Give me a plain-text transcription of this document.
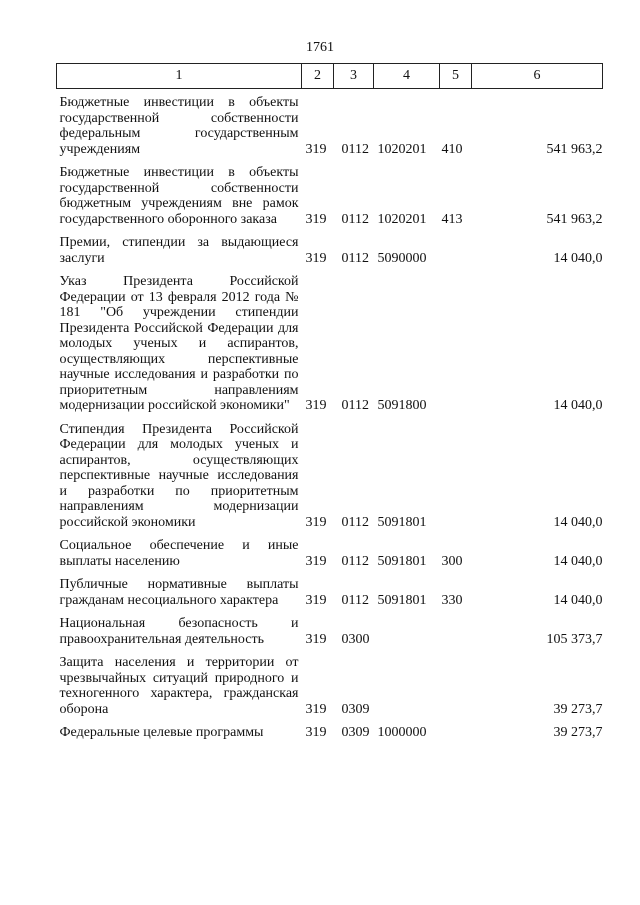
1761
1	2	3	4	5	6
Бюджетные инвестиции в объекты государственной собственности федеральным государственным учреждениям	319	0112	1020201	410	541 963,2
Бюджетные инвестиции в объекты государственной собственности бюджетным учреждениям вне рамок государственного оборонного заказа	319	0112	1020201	413	541 963,2
Премии, стипендии за выдающиеся заслуги	319	0112	5090000		14 040,0
Указ Президента Российской Федерации от 13 февраля 2012 года № 181 "Об учреждении стипендии Президента Российской Федерации для молодых ученых и аспирантов, осуществляющих перспективные научные исследования и разработки по приоритетным направлениям модернизации российской экономики"	319	0112	5091800		14 040,0
Стипендия Президента Российской Федерации для молодых ученых и аспирантов, осуществляющих перспективные научные исследования и разработки по приоритетным направлениям модернизации российской экономики	319	0112	5091801		14 040,0
Социальное обеспечение и иные выплаты населению	319	0112	5091801	300	14 040,0
Публичные нормативные выплаты гражданам несоциального характера	319	0112	5091801	330	14 040,0
Национальная безопасность и правоохранительная деятельность	319	0300			105 373,7
Защита населения и территории от чрезвычайных ситуаций природного и техногенного характера, гражданская оборона	319	0309			39 273,7
Федеральные целевые программы	319	0309	1000000		39 273,7
